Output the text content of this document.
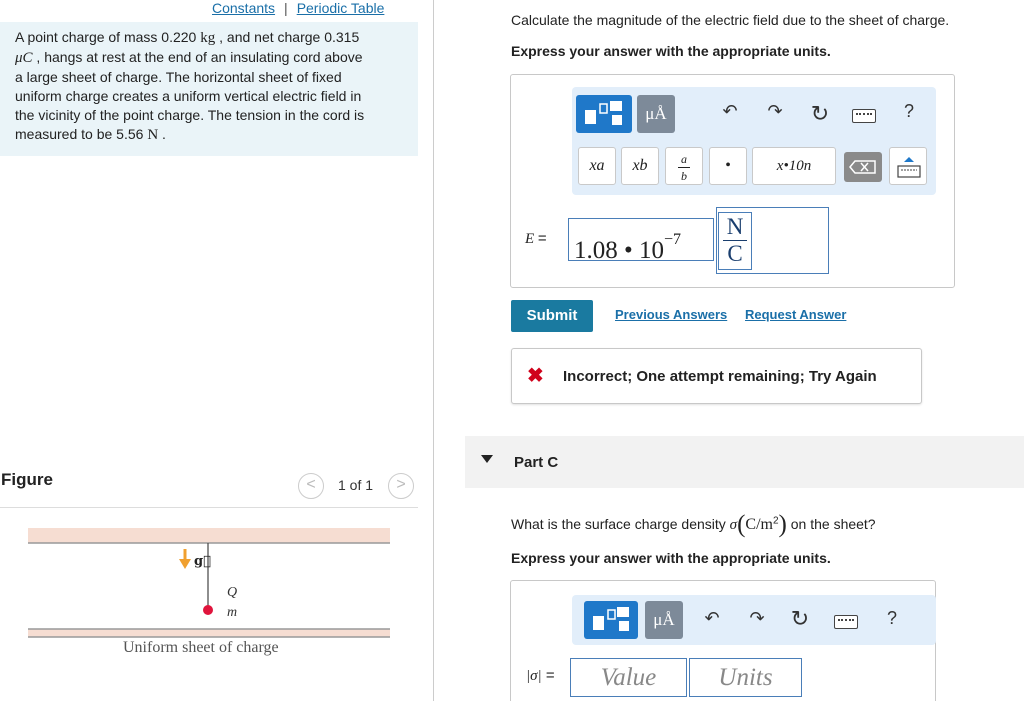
Constants | Periodic Table
A point charge of mass 0.220 kg , and net charge 0.315
μC , hangs at rest at the end of an insulating cord above
a large sheet of charge. The horizontal sheet of fixed
uniform charge creates a uniform vertical electric field in
the vicinity of the point charge. The tension in the cord is
measured to be 5.56 N .
Figure	<	1 of 1	>
g⃗
Q
m
Uniform sheet of charge
Calculate the magnitude of the electric field due to the sheet of charge.
Express your answer with the appropriate units.
μÅ	↶ ↷ ↻	?
xa	xb	a
b
•	x•10n
E = 1.08 • $10^{-7}$	$\frac{N}{C}$
Submit	Previous Answers Request Answer
✖ Incorrect; One attempt remaining; Try Again
Part C
What is the surface charge density $\sigma(C/m^2)$ on the sheet?
Express your answer with the appropriate units.
μÅ	↶ ↷ ↻	?
|σ| =	Value	Units
